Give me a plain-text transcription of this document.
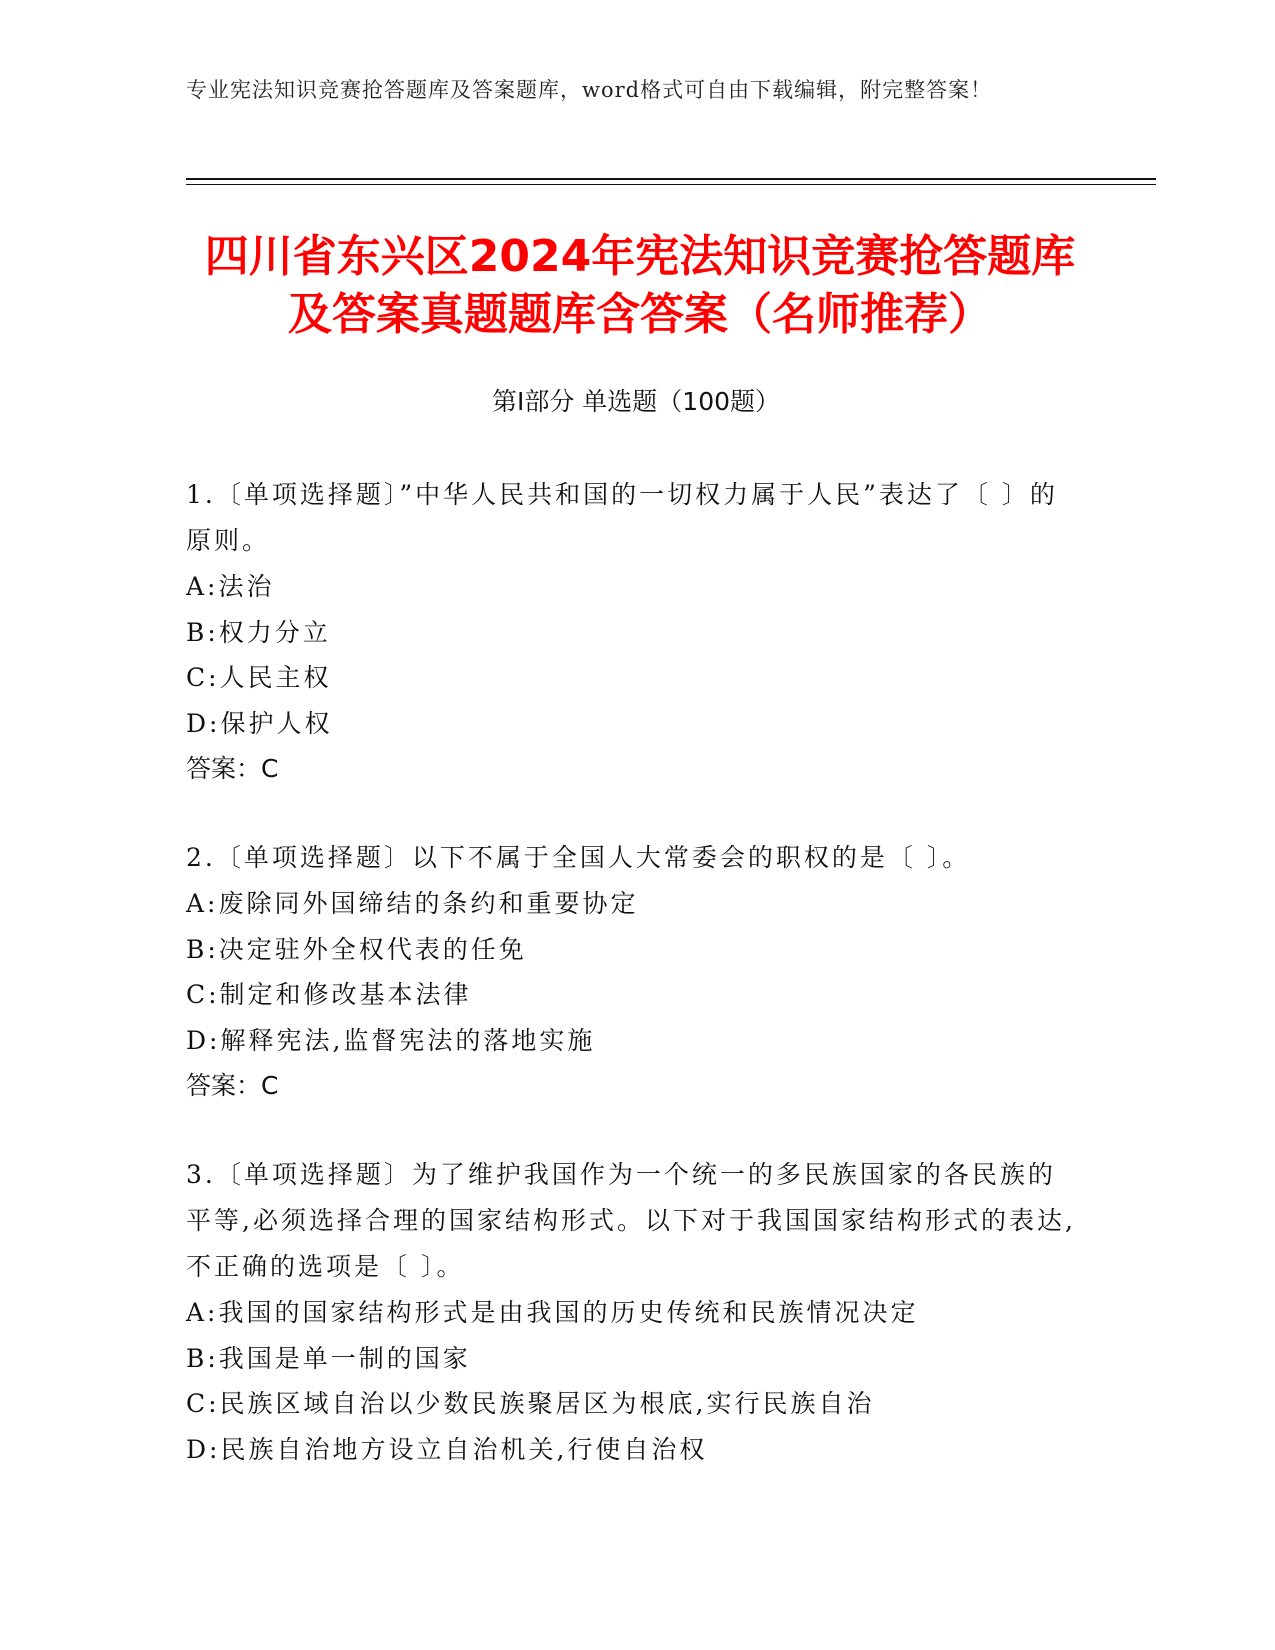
专业宪法知识竞赛抢答题库及答案题库，word格式可自由下载编辑，附完整答案！
四川省东兴区2024年宪法知识竞赛抢答题库
及答案真题题库含答案（名师推荐）
第Ⅰ部分 单选题（100题）

1.〔单项选择题〕”中华人民共和国的一切权力属于人民”表达了〔 〕的原则。

A:法治

B:权力分立

C:人民主权

D:保护人权

答案：C

2.〔单项选择题〕以下不属于全国人大常委会的职权的是〔 〕。

A:废除同外国缔结的条约和重要协定

B:决定驻外全权代表的任免

C:制定和修改基本法律

D:解释宪法,监督宪法的落地实施

答案：C

3.〔单项选择题〕为了维护我国作为一个统一的多民族国家的各民族的平等,必须选择合理的国家结构形式。以下对于我国国家结构形式的表达,不正确的选项是〔 〕。

A:我国的国家结构形式是由我国的历史传统和民族情况决定

B:我国是单一制的国家

C:民族区域自治以少数民族聚居区为根底,实行民族自治

D:民族自治地方设立自治机关,行使自治权
